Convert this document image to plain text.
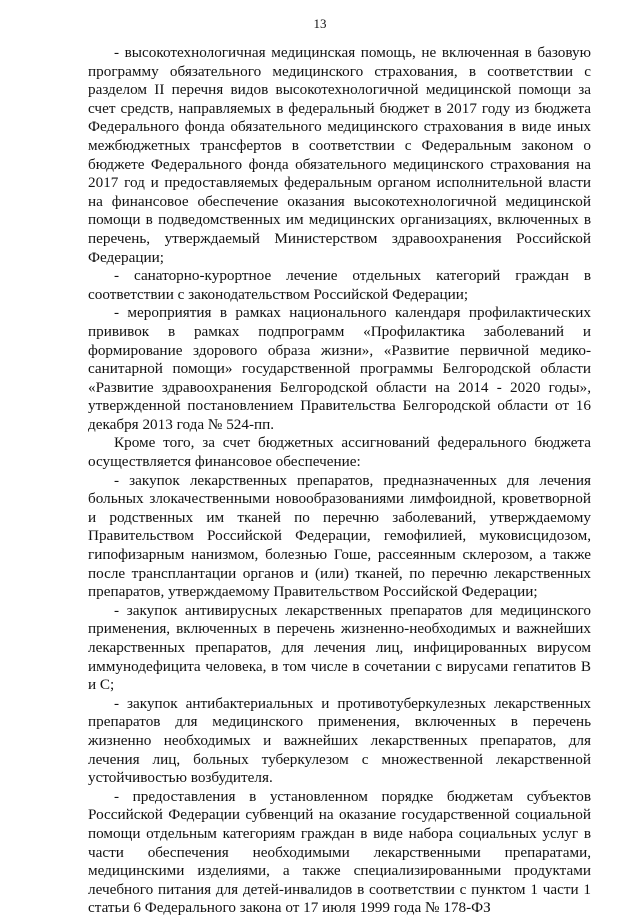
13

- высокотехнологичная медицинская помощь, не включенная в базовую программу обязательного медицинского страхования, в соответствии с разделом II перечня видов высокотехнологичной медицинской помощи за счет средств, направляемых в федеральный бюджет в 2017 году из бюджета Федерального фонда обязательного медицинского страхования в виде иных межбюджетных трансфертов в соответствии с Федеральным законом о бюджете Федерального фонда обязательного медицинского страхования на 2017 год и предоставляемых федеральным органом исполнительной власти на финансовое обеспечение оказания высокотехнологичной медицинской помощи в подведомственных им медицинских организациях, включенных в перечень, утверждаемый Министерством здравоохранения Российской Федерации;

- санаторно-курортное лечение отдельных категорий граждан в соответствии с законодательством Российской Федерации;

- мероприятия в рамках национального календаря профилактических прививок в рамках подпрограмм «Профилактика заболеваний и формирование здорового образа жизни», «Развитие первичной медико-санитарной помощи» государственной программы Белгородской области «Развитие здравоохранения Белгородской области на 2014 - 2020 годы», утвержденной постановлением Правительства Белгородской области от 16 декабря 2013 года № 524-пп.

Кроме того, за счет бюджетных ассигнований федерального бюджета осуществляется финансовое обеспечение:

- закупок лекарственных препаратов, предназначенных для лечения больных злокачественными новообразованиями лимфоидной, кроветворной и родственных им тканей по перечню заболеваний, утверждаемому Правительством Российской Федерации, гемофилией, муковисцидозом, гипофизарным нанизмом, болезнью Гоше, рассеянным склерозом, а также после трансплантации органов и (или) тканей, по перечню лекарственных препаратов, утверждаемому Правительством Российской Федерации;

- закупок антивирусных лекарственных препаратов для медицинского применения, включенных в перечень жизненно-необходимых и важнейших лекарственных препаратов, для лечения лиц, инфицированных вирусом иммунодефицита человека, в том числе в сочетании с вирусами гепатитов В и С;

- закупок антибактериальных и противотуберкулезных лекарственных препаратов для медицинского применения, включенных в перечень жизненно необходимых и важнейших лекарственных препаратов, для лечения лиц, больных туберкулезом с множественной лекарственной устойчивостью возбудителя.

- предоставления в установленном порядке бюджетам субъектов Российской Федерации субвенций на оказание государственной социальной помощи отдельным категориям граждан в виде набора социальных услуг в части обеспечения необходимыми лекарственными препаратами, медицинскими изделиями, а также специализированными продуктами лечебного питания для детей-инвалидов в соответствии с пунктом 1 части 1 статьи 6 Федерального закона от 17 июля 1999 года № 178-ФЗ
